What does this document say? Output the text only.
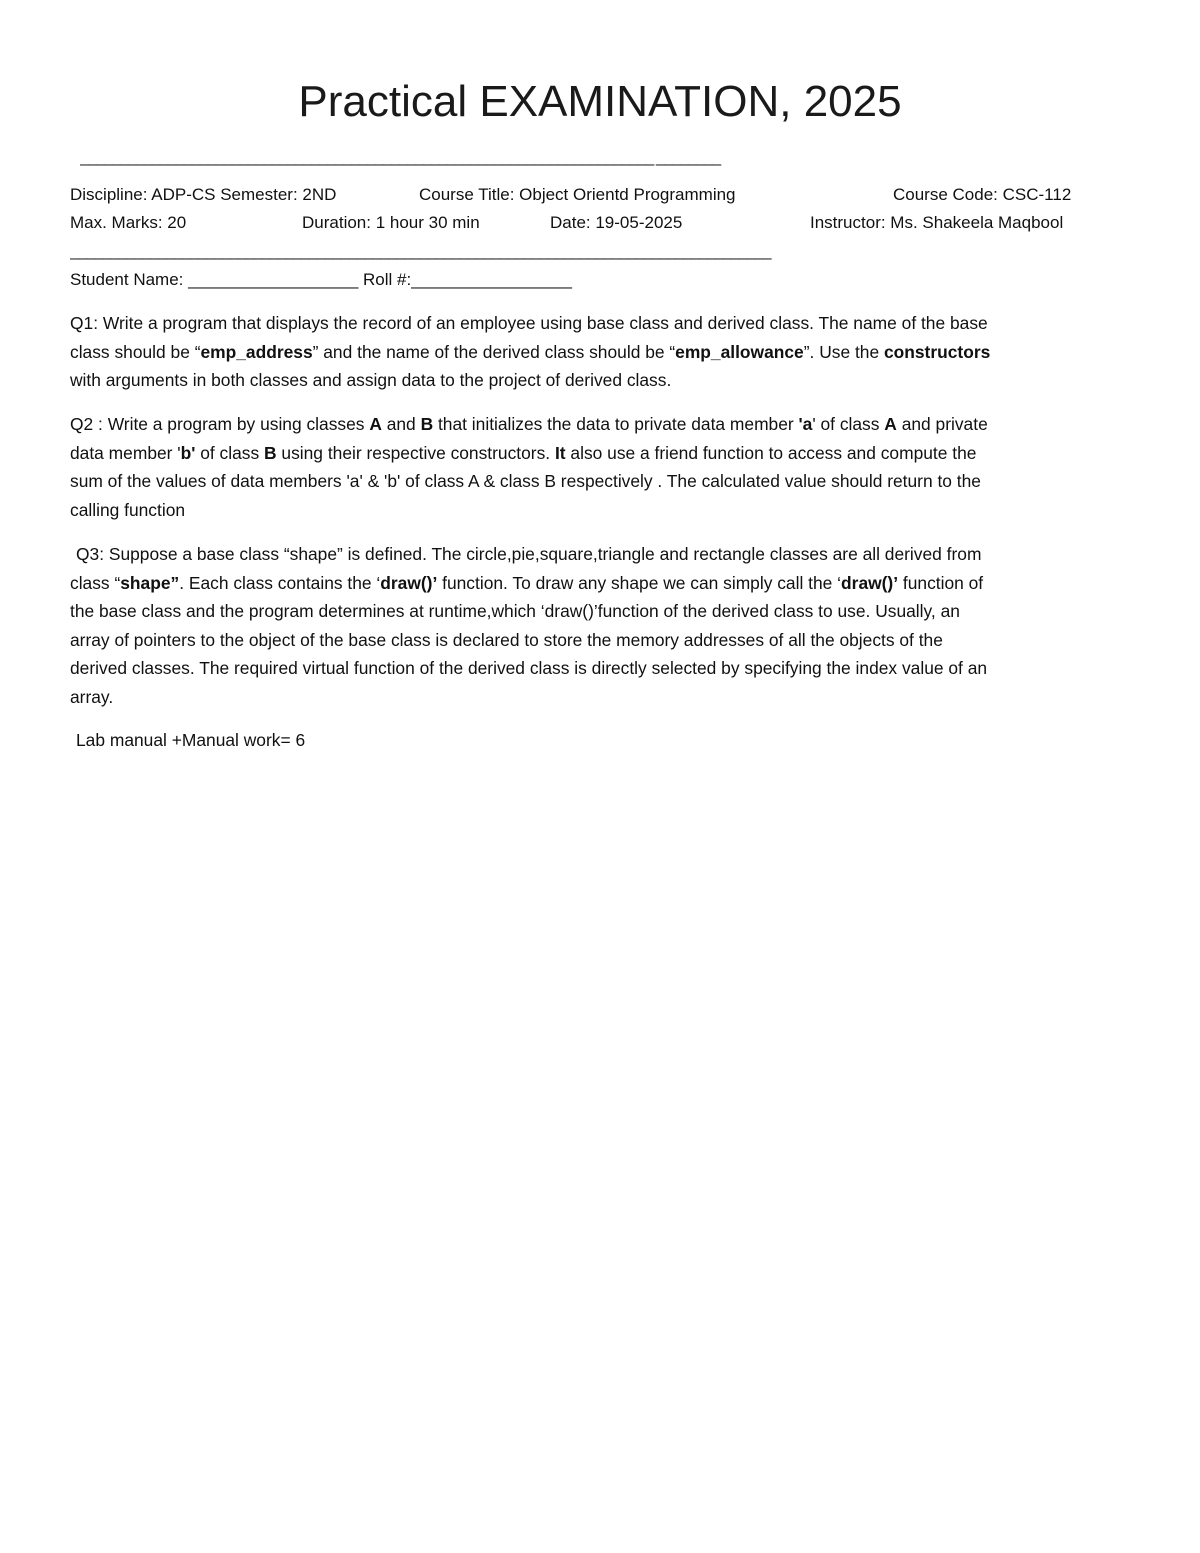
Practical EXAMINATION, 2025
________________________________________________________________________ ________
Discipline: ADP-CS Semester: 2ND	Course Title: Object Orientd Programming	Course Code: CSC-112
Max. Marks: 20	Duration: 1 hour 30 min	Date: 19-05-2025	Instructor: Ms. Shakeela Maqbool
________________________________________________________________________________________
Student Name: __________________ Roll #:_________________
Q1: Write a program that displays the record of an employee using base class and derived class. The name of the base
class should be “emp_address” and the name of the derived class should be “emp_allowance”. Use the constructors
with arguments in both classes and assign data to the project of derived class.
Q2 : Write a program by using classes A and B that initializes the data to private data member 'a' of class A and private
data member 'b' of class B using their respective constructors. It also use a friend function to access and compute the
sum of the values of data members 'a' & 'b' of class A & class B respectively . The calculated value should return to the
calling function
Q3: Suppose a base class “shape” is defined. The circle,pie,square,triangle and rectangle classes are all derived from
class “shape”. Each class contains the ‘draw()’ function. To draw any shape we can simply call the ‘draw()’ function of
the base class and the program determines at runtime,which ‘draw()’function of the derived class to use. Usually, an
array of pointers to the object of the base class is declared to store the memory addresses of all the objects of the
derived classes. The required virtual function of the derived class is directly selected by specifying the index value of an
array.
Lab manual +Manual work= 6
